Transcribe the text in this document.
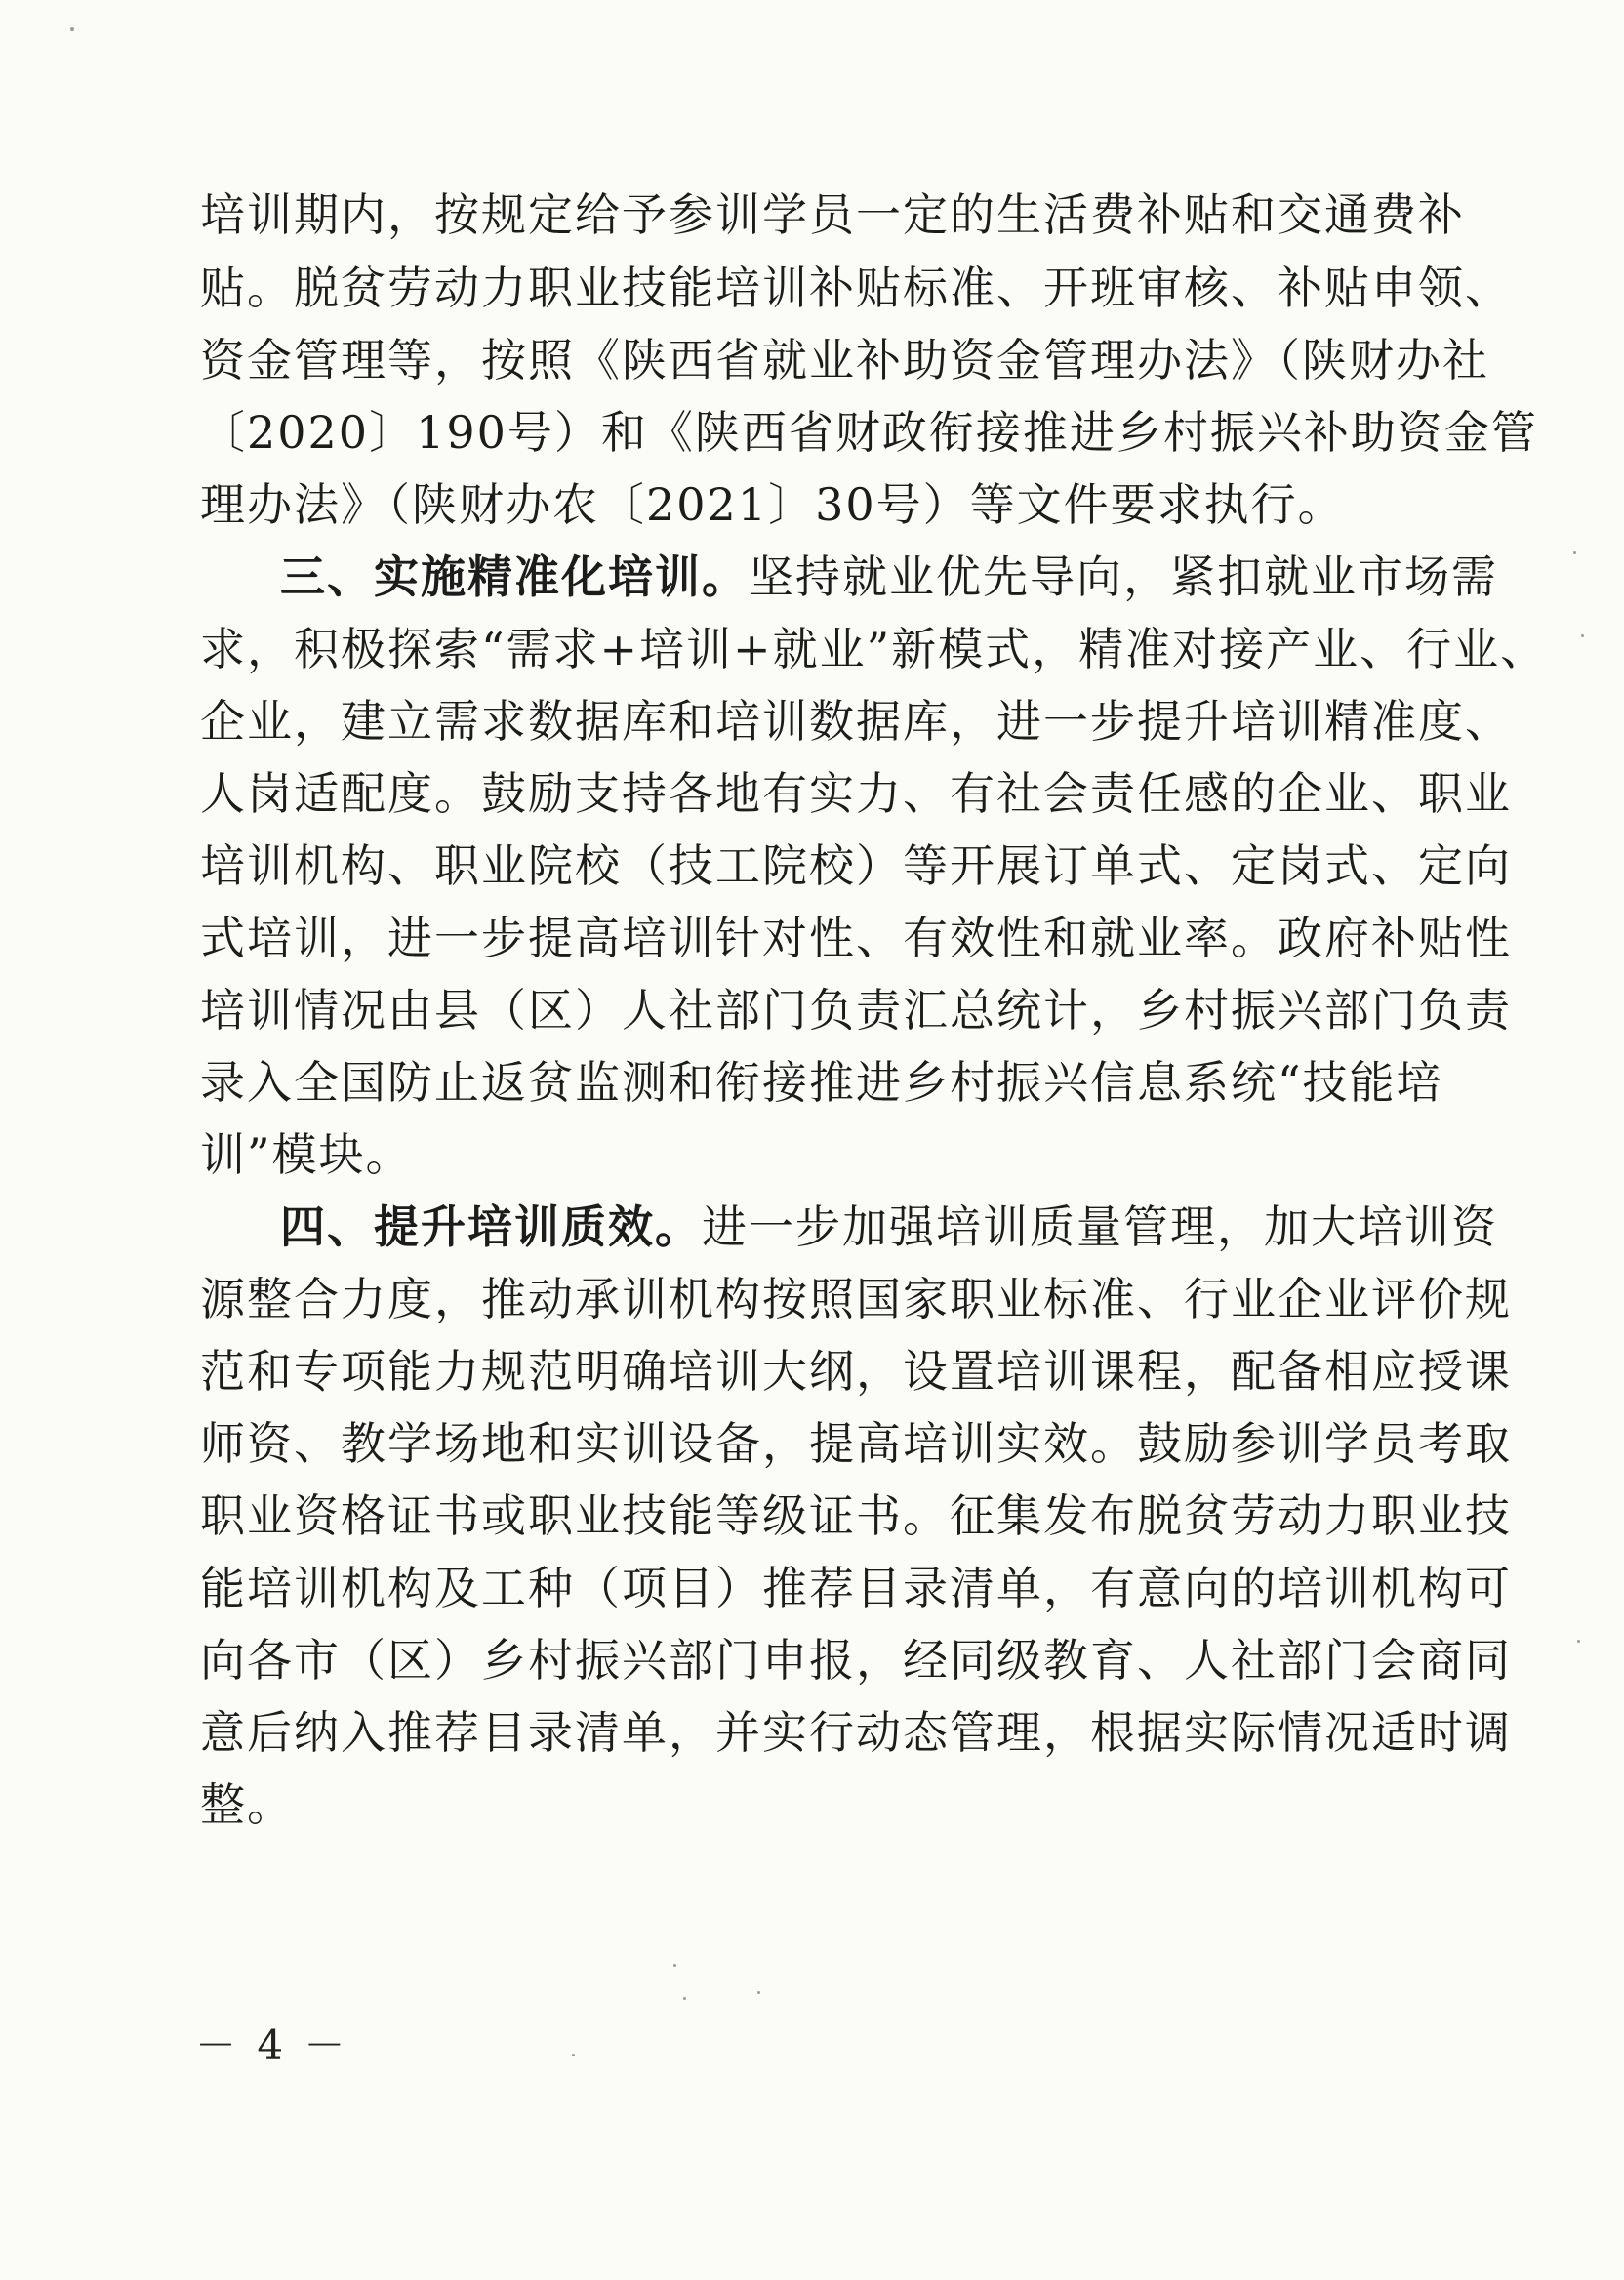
培训期内，按规定给予参训学员一定的生活费补贴和交通费补
贴。脱贫劳动力职业技能培训补贴标准、开班审核、补贴申领、
资金管理等，按照《陕西省就业补助资金管理办法》（陕财办社
〔2020〕190号）和《陕西省财政衔接推进乡村振兴补助资金管
理办法》（陕财办农〔2021〕30号）等文件要求执行。
三、实施精准化培训。坚持就业优先导向，紧扣就业市场需
求，积极探索“需求+培训+就业”新模式，精准对接产业、行业、
企业，建立需求数据库和培训数据库，进一步提升培训精准度、
人岗适配度。鼓励支持各地有实力、有社会责任感的企业、职业
培训机构、职业院校（技工院校）等开展订单式、定岗式、定向
式培训，进一步提高培训针对性、有效性和就业率。政府补贴性
培训情况由县（区）人社部门负责汇总统计，乡村振兴部门负责
录入全国防止返贫监测和衔接推进乡村振兴信息系统“技能培
训”模块。
四、提升培训质效。进一步加强培训质量管理，加大培训资
源整合力度，推动承训机构按照国家职业标准、行业企业评价规
范和专项能力规范明确培训大纲，设置培训课程，配备相应授课
师资、教学场地和实训设备，提高培训实效。鼓励参训学员考取
职业资格证书或职业技能等级证书。征集发布脱贫劳动力职业技
能培训机构及工种（项目）推荐目录清单，有意向的培训机构可
向各市（区）乡村振兴部门申报，经同级教育、人社部门会商同
意后纳入推荐目录清单，并实行动态管理，根据实际情况适时调
整。
－ 4 －
